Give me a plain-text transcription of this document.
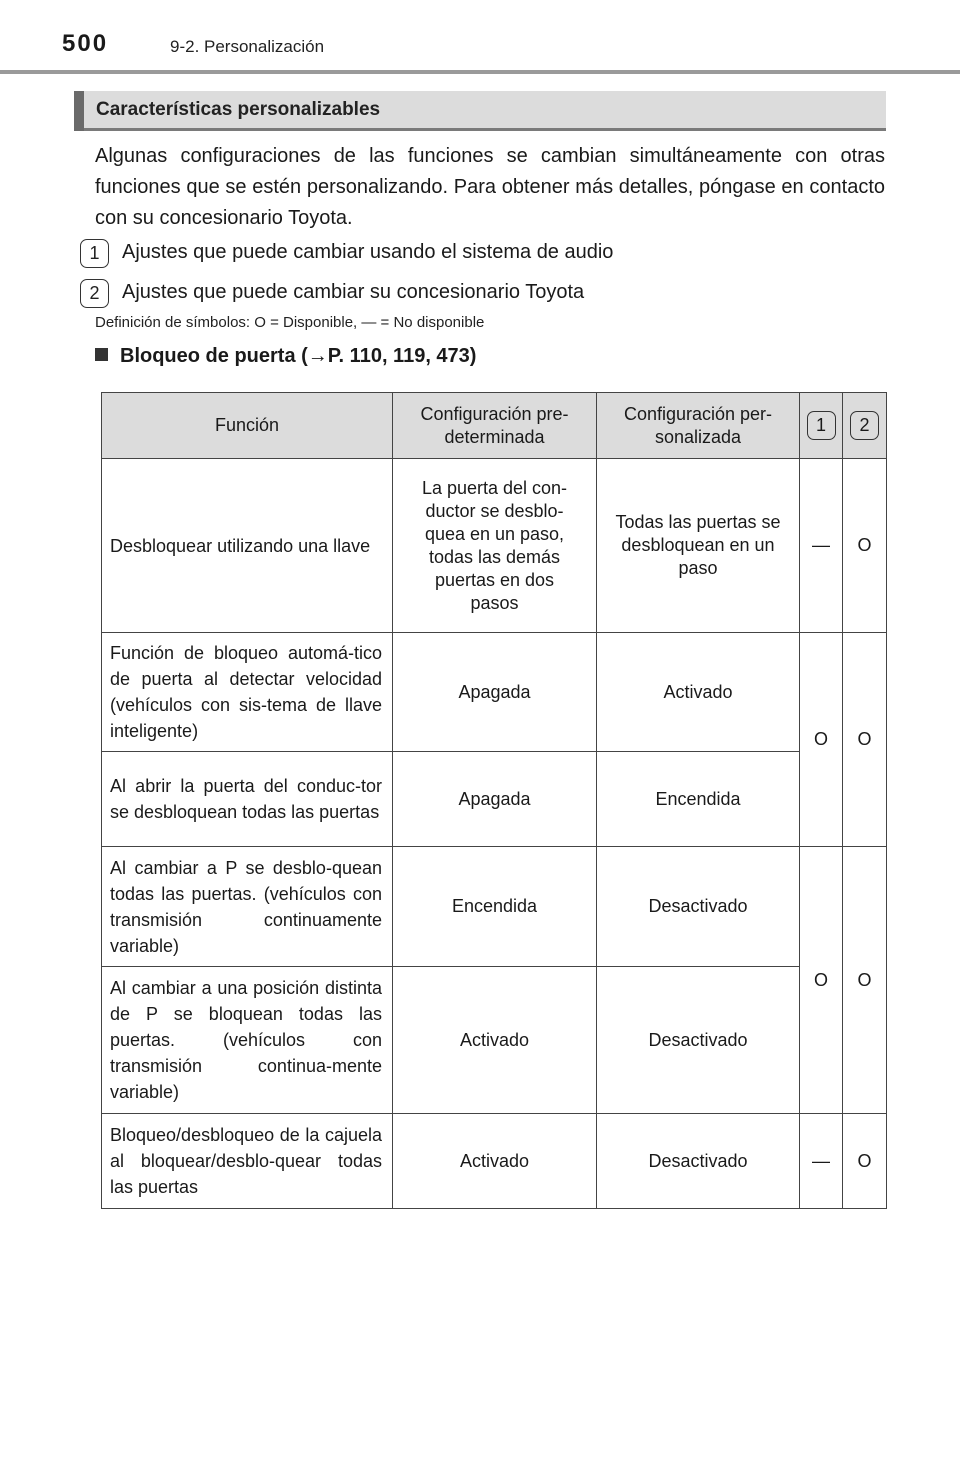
500	9-2. Personalización
Características personalizables
Algunas configuraciones de las funciones se cambian simultáneamente con otras funciones que se estén personalizando. Para obtener más detalles, póngase en contacto con su concesionario Toyota.
1	Ajustes que puede cambiar usando el sistema de audio
2	Ajustes que puede cambiar su concesionario Toyota
Definición de símbolos: O = Disponible, — = No disponible
Bloqueo de puerta (→P. 110, 119, 473)
Función	Configuración pre-determinada	Configuración per-sonalizada	1	2
Desbloquear utilizando una llave	La puerta del con-ductor se desblo-quea en un paso, todas las demás puertas en dos pasos	Todas las puertas se desbloquean en un paso	—	O
Función de bloqueo automá-tico de puerta al detectar velocidad (vehículos con sis-tema de llave inteligente)	Apagada	Activado	O	O
Al abrir la puerta del conduc-tor se desbloquean todas las puertas	Apagada	Encendida		
Al cambiar a P se desblo-quean todas las puertas. (vehículos con transmisión continuamente variable)	Encendida	Desactivado	O	O
Al cambiar a una posición distinta de P se bloquean todas las puertas. (vehículos con transmisión continua-mente variable)	Activado	Desactivado		
Bloqueo/desbloqueo de la cajuela al bloquear/desblo-quear todas las puertas	Activado	Desactivado	—	O
